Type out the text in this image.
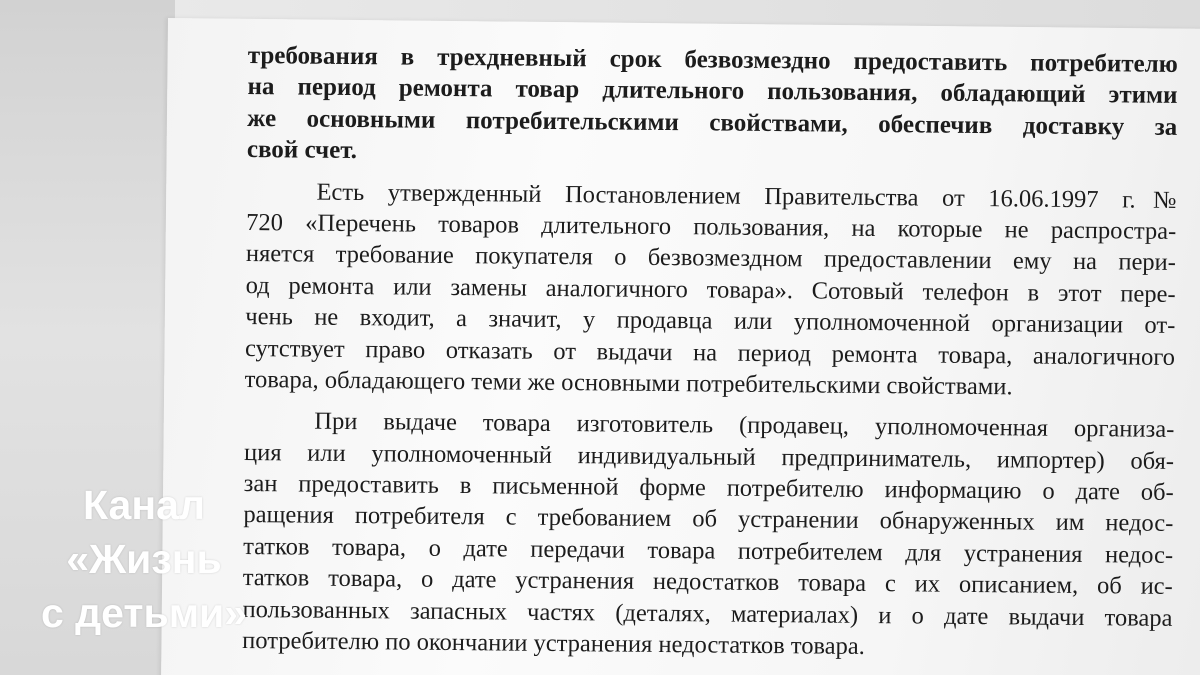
требования в трехдневный срок безвозмездно предоставить потребителю
на период ремонта товар длительного пользования, обладающий этими
же основными потребительскими свойствами, обеспечив доставку за
свой счет.
Есть утвержденный Постановлением Правительства от 16.06.1997 г.№
720 «Перечень товаров длительного пользования, на которые не распростра-
няется требование покупателя о безвозмездном предоставлении ему на пери-
од ремонта или замены аналогичного товара». Сотовый телефон в этот пере-
чень не входит, а значит, у продавца или уполномоченной организации от-
сутствует право отказать от выдачи на период ремонта товара, аналогичного
товара, обладающего теми же основными потребительскими свойствами.
При выдаче товара изготовитель (продавец, уполномоченная организа-
ция или уполномоченный индивидуальный предприниматель, импортер) обя-
зан предоставить в письменной форме потребителю информацию о дате об-
ращения потребителя с требованием об устранении обнаруженных им недос-
татков товара, о дате передачи товара потребителем для устранения недос-
татков товара, о дате устранения недостатков товара с их описанием, об ис-
пользованных запасных частях (деталях, материалах) и о дате выдачи товара
потребителю по окончании устранения недостатков товара.
Канал
«Жизнь
с детьми»
